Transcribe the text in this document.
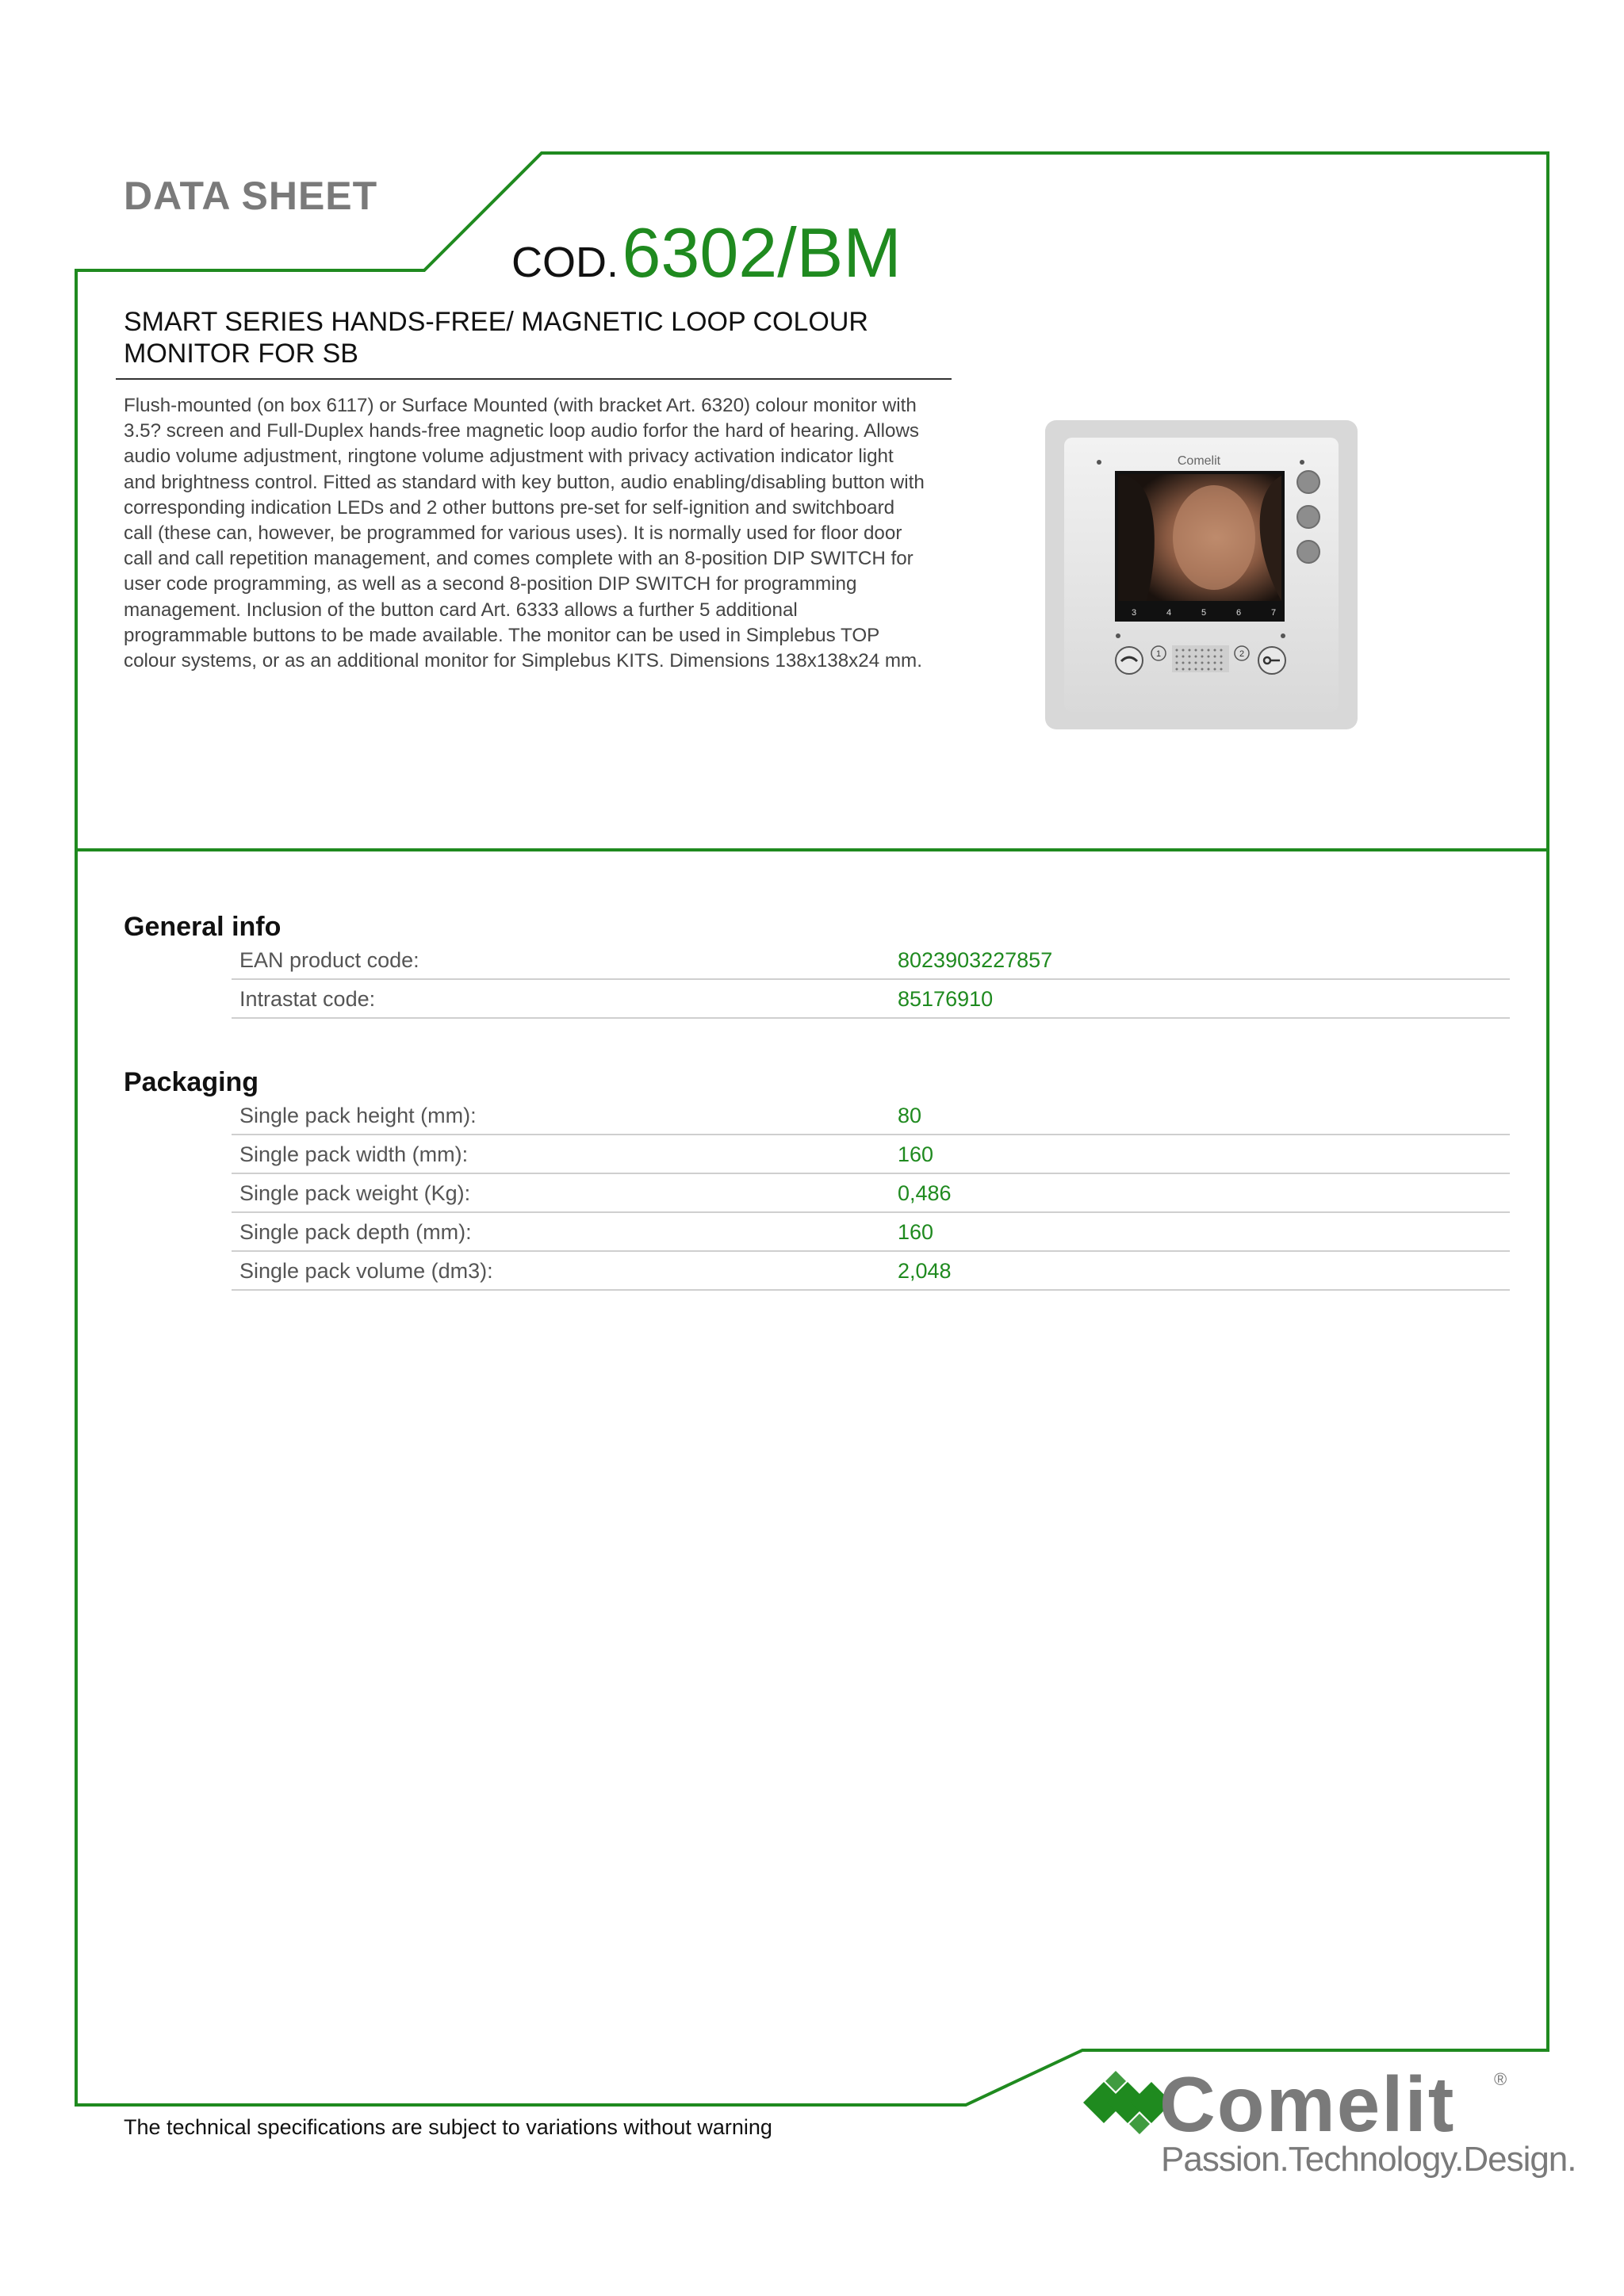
DATA SHEET
COD. 6302/BM
SMART SERIES HANDS-FREE/ MAGNETIC LOOP COLOUR MONITOR FOR SB
Flush-mounted (on box 6117) or Surface Mounted (with bracket Art. 6320) colour monitor with 3.5? screen and Full-Duplex hands-free magnetic loop audio forfor the hard of hearing. Allows audio volume adjustment, ringtone volume adjustment with privacy activation indicator light and brightness control. Fitted as standard with key button, audio enabling/disabling button with corresponding indication LEDs and 2 other buttons pre-set for self-ignition and switchboard call (these can, however, be programmed for various uses). It is normally used for floor door call and call repetition management, and comes complete with an 8-position DIP SWITCH for user code programming, as well as a second 8-position DIP SWITCH for programming management. Inclusion of the button card Art. 6333 allows a further 5 additional programmable buttons to be made available. The monitor can be used in Simplebus TOP colour systems, or as an additional monitor for Simplebus KITS. Dimensions 138x138x24 mm.
Comelit
3	4	5	6	7
1	2
General info
EAN product code:	8023903227857
Intrastat code:	85176910
Packaging
Single pack height (mm):	80
Single pack width (mm):	160
Single pack weight (Kg):	0,486
Single pack depth (mm):	160
Single pack volume (dm3):	2,048
The technical specifications are subject to variations without warning	Comelit ®
Passion.Technology.Design.
